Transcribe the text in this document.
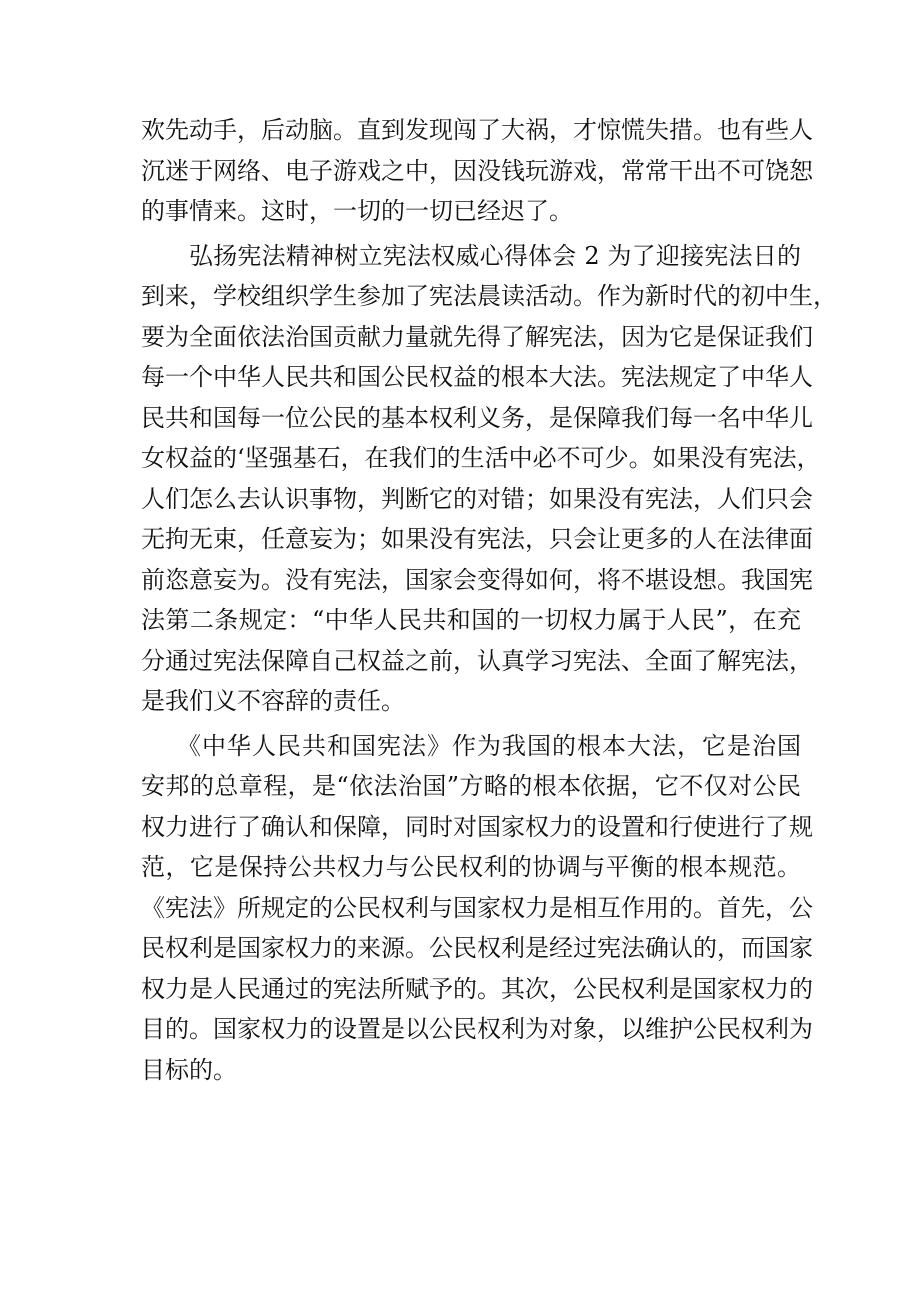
欢先动手，后动脑。直到发现闯了大祸，才惊慌失措。也有些人
沉迷于网络、电子游戏之中，因没钱玩游戏，常常干出不可饶恕
的事情来。这时，一切的一切已经迟了。

弘扬宪法精神树立宪法权威心得体会 2 为了迎接宪法日的
到来，学校组织学生参加了宪法晨读活动。作为新时代的初中生，
要为全面依法治国贡献力量就先得了解宪法，因为它是保证我们
每一个中华人民共和国公民权益的根本大法。宪法规定了中华人
民共和国每一位公民的基本权利义务，是保障我们每一名中华儿
女权益的‘坚强基石，在我们的生活中必不可少。如果没有宪法，
人们怎么去认识事物，判断它的对错；如果没有宪法，人们只会
无拘无束，任意妄为；如果没有宪法，只会让更多的人在法律面
前恣意妄为。没有宪法，国家会变得如何，将不堪设想。我国宪
法第二条规定：“中华人民共和国的一切权力属于人民”，在充
分通过宪法保障自己权益之前，认真学习宪法、全面了解宪法，
是我们义不容辞的责任。

《中华人民共和国宪法》作为我国的根本大法，它是治国
安邦的总章程，是“依法治国”方略的根本依据，它不仅对公民
权力进行了确认和保障，同时对国家权力的设置和行使进行了规
范，它是保持公共权力与公民权利的协调与平衡的根本规范。
《宪法》所规定的公民权利与国家权力是相互作用的。首先，公
民权利是国家权力的来源。公民权利是经过宪法确认的，而国家
权力是人民通过的宪法所赋予的。其次，公民权利是国家权力的
目的。国家权力的设置是以公民权利为对象，以维护公民权利为
目标的。
